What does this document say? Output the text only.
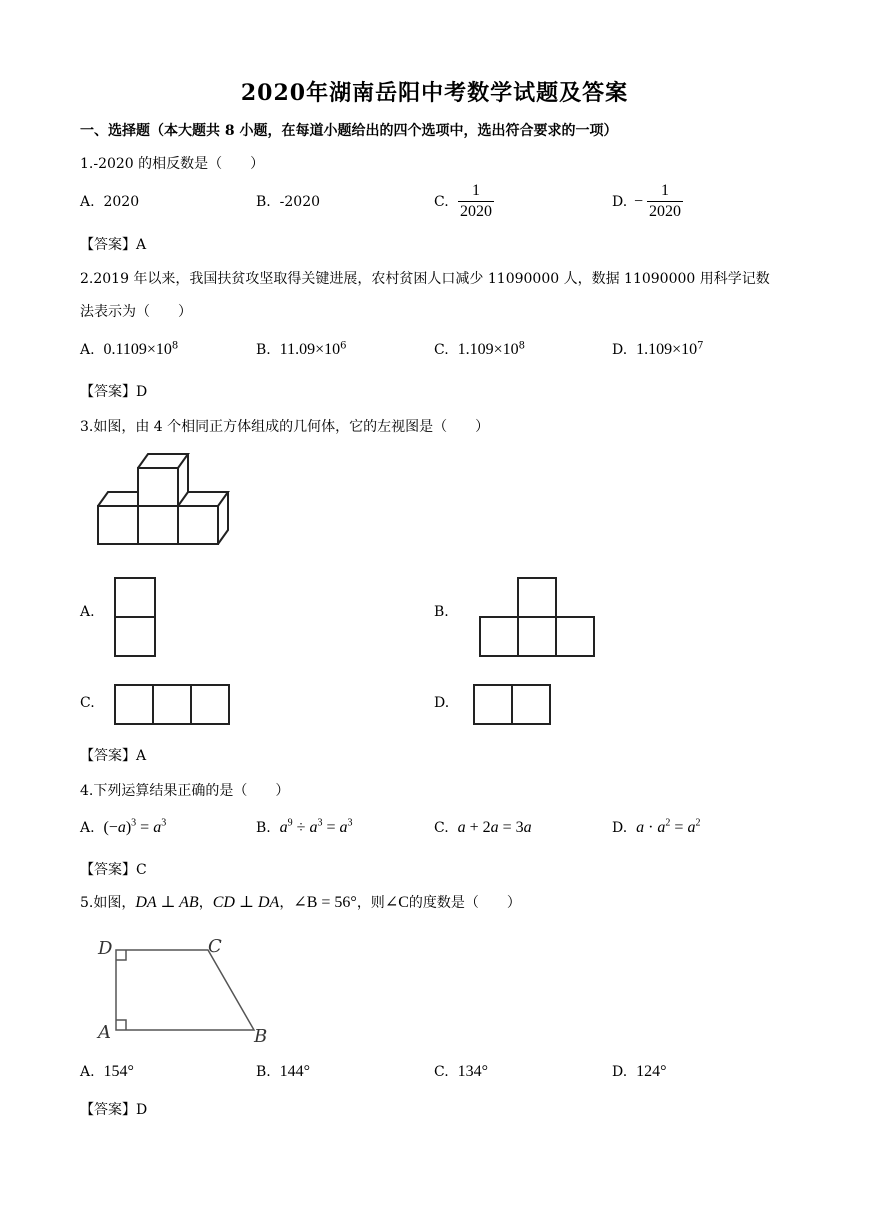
2020年湖南岳阳中考数学试题及答案
一、选择题（本大题共 8 小题，在每道小题给出的四个选项中，选出符合要求的一项）
1.-2020 的相反数是（　　）
A. 2020	B. -2020	C. $\frac{1}{2020}$	D. − $\frac{1}{2020}$
【答案】A
2.2019 年以来，我国扶贫攻坚取得关键进展，农村贫困人口减少 11090000 人，数据 11090000 用科学记数
法表示为（　　）
A. $0.1109\times 10^8$	B. $11.09\times 10^6$	C. $1.109\times 10^8$	D. $1.109\times 10^7$
【答案】D
3.如图，由 4 个相同正方体组成的几何体，它的左视图是（　　）
A.	B.
C.	D.
【答案】A
4.下列运算结果正确的是（　　）
A. $(-a)^3 = a^3$	B. $a^9 \div a^3 = a^3$	C. a + 2a = 3a	D. $a \cdot a^2 = a^2$
【答案】C
5.如图，DA ⊥ AB，CD ⊥ DA，∠B = 56°，则∠C的度数是（　　）
D	C
A	B
A. 154°	B. 144°	C. 134°	D. 124°
【答案】D
